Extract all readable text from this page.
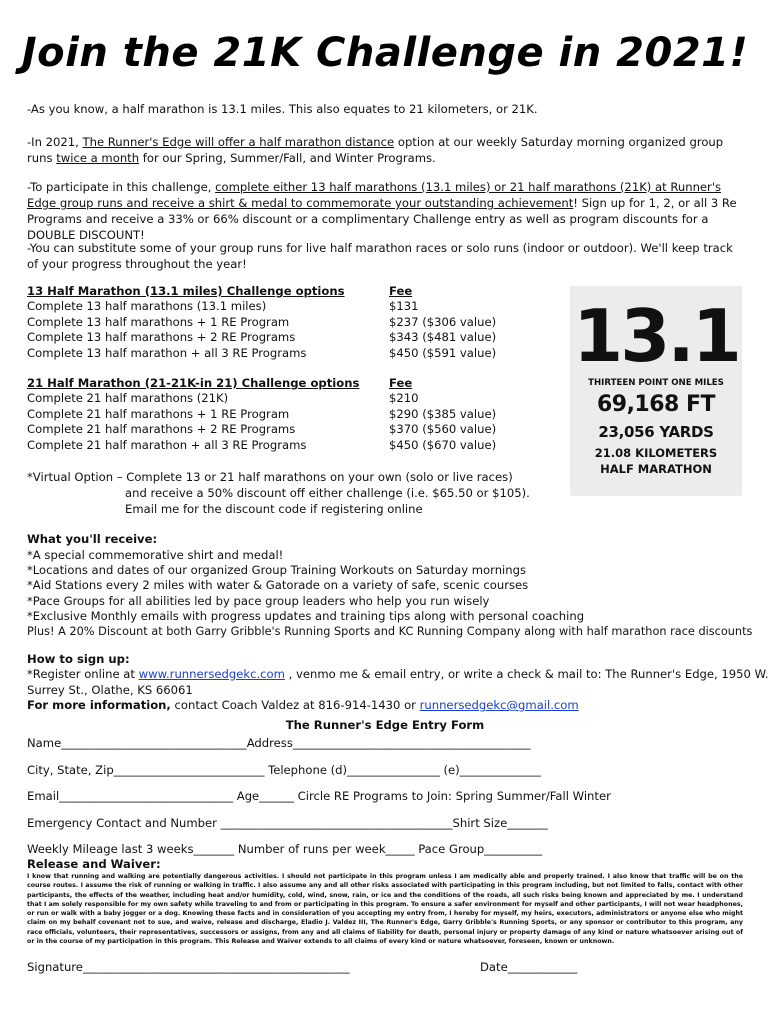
Join the 21K Challenge in 2021!
-As you know, a half marathon is 13.1 miles. This also equates to 21 kilometers, or 21K.
-In 2021, The Runner's Edge will offer a half marathon distance option at our weekly Saturday morning organized group runs twice a month for our Spring, Summer/Fall, and Winter Programs.
-To participate in this challenge, complete either 13 half marathons (13.1 miles) or 21 half marathons (21K) at Runner's Edge group runs and receive a shirt & medal to commemorate your outstanding achievement! Sign up for 1, 2, or all 3 Re Programs and receive a 33% or 66% discount or a complimentary Challenge entry as well as program discounts for a DOUBLE DISCOUNT!
-You can substitute some of your group runs for live half marathon races or solo runs (indoor or outdoor). We'll keep track of your progress throughout the year!
13 Half Marathon (13.1 miles) Challenge options
Complete 13 half marathons (13.1 miles)
Complete 13 half marathons + 1 RE Program
Complete 13 half marathons + 2 RE Programs
Complete 13 half marathon + all 3 RE Programs
Fee
$131
$237 ($306 value)
$343 ($481 value)
$450 ($591 value)
21 Half Marathon (21-21K-in 21) Challenge options
Complete 21 half marathons (21K)
Complete 21 half marathons + 1 RE Program
Complete 21 half marathons + 2 RE Programs
Complete 21 half marathon + all 3 RE Programs
Fee
$210
$290 ($385 value)
$370 ($560 value)
$450 ($670 value)
13.1
THIRTEEN POINT ONE MILES
69,168 FT
23,056 YARDS
21.08 KILOMETERS
HALF MARATHON
*Virtual Option – Complete 13 or 21 half marathons on your own (solo or live races)
and receive a 50% discount off either challenge (i.e. $65.50 or $105).
Email me for the discount code if registering online
What you'll receive:
*A special commemorative shirt and medal!
*Locations and dates of our organized Group Training Workouts on Saturday mornings
*Aid Stations every 2 miles with water & Gatorade on a variety of safe, scenic courses
*Pace Groups for all abilities led by pace group leaders who help you run wisely
*Exclusive Monthly emails with progress updates and training tips along with personal coaching
Plus! A 20% Discount at both Garry Gribble's Running Sports and KC Running Company along with half marathon race discounts
How to sign up:
*Register online at www.runnersedgekc.com , venmo me & email entry, or write a check & mail to: The Runner's Edge, 1950 W.
Surrey St., Olathe, KS 66061
For more information, contact Coach Valdez at 816-914-1430 or runnersedgekc@gmail.com
The Runner's Edge Entry Form
Name________________________________Address_________________________________________
City, State, Zip__________________________ Telephone (d)________________ (e)______________
Email______________________________ Age______ Circle RE Programs to Join: Spring Summer/Fall Winter
Emergency Contact and Number ________________________________________Shirt Size_______
Weekly Mileage last 3 weeks_______ Number of runs per week_____ Pace Group__________
Release and Waiver:
I know that running and walking are potentially dangerous activities. I should not participate in this program unless I am medically able and properly trained. I also know that traffic will be on the course routes. I assume the risk of running or walking in traffic. I also assume any and all other risks associated with participating in this program including, but not limited to falls, contact with other participants, the effects of the weather, including heat and/or humidity, cold, wind, snow, rain, or ice and the conditions of the roads, all such risks being known and appreciated by me. I understand that I am solely responsible for my own safety while traveling to and from or participating in this program. To ensure a safer environment for myself and other participants, I will not wear headphones, or run or walk with a baby jogger or a dog. Knowing these facts and in consideration of you accepting my entry from, I hereby for myself, my heirs, executors, administrators or anyone else who might claim on my behalf covenant not to sue, and waive, release and discharge, Eladio J. Valdez III, The Runner's Edge, Garry Gribble's Running Sports, or any sponsor or contributor to this program, any race officials, volunteers, their representatives, successors or assigns, from any and all claims of liability for death, personal injury or property damage of any kind or nature whatsoever arising out of or in the course of my participation in this program. This Release and Waiver extends to all claims of every kind or nature whatsoever, foreseen, known or unknown.
Signature______________________________________________	Date____________
